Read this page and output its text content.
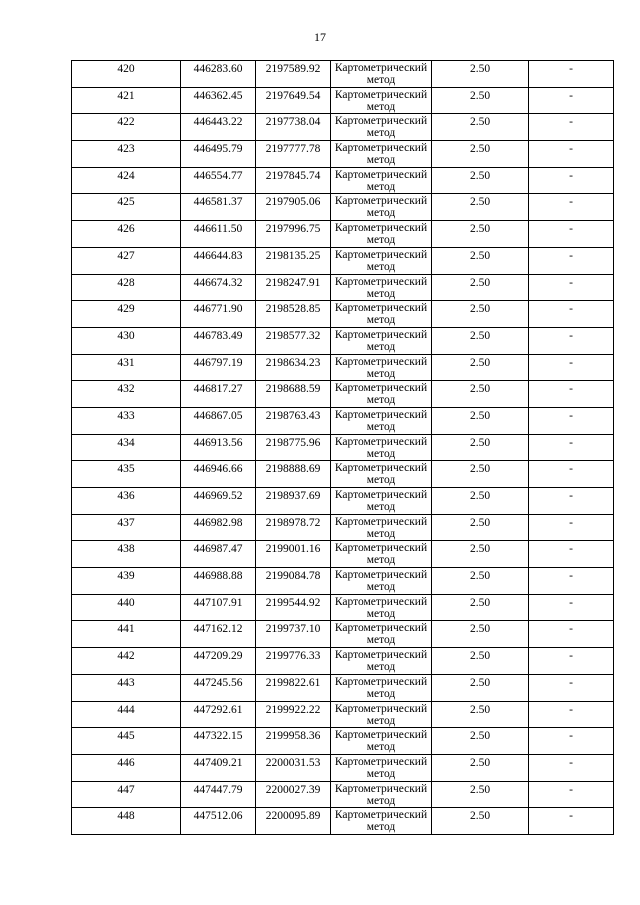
17
420	446283.60	2197589.92	Картометрический метод	2.50	-
421	446362.45	2197649.54	Картометрический метод	2.50	-
422	446443.22	2197738.04	Картометрический метод	2.50	-
423	446495.79	2197777.78	Картометрический метод	2.50	-
424	446554.77	2197845.74	Картометрический метод	2.50	-
425	446581.37	2197905.06	Картометрический метод	2.50	-
426	446611.50	2197996.75	Картометрический метод	2.50	-
427	446644.83	2198135.25	Картометрический метод	2.50	-
428	446674.32	2198247.91	Картометрический метод	2.50	-
429	446771.90	2198528.85	Картометрический метод	2.50	-
430	446783.49	2198577.32	Картометрический метод	2.50	-
431	446797.19	2198634.23	Картометрический метод	2.50	-
432	446817.27	2198688.59	Картометрический метод	2.50	-
433	446867.05	2198763.43	Картометрический метод	2.50	-
434	446913.56	2198775.96	Картометрический метод	2.50	-
435	446946.66	2198888.69	Картометрический метод	2.50	-
436	446969.52	2198937.69	Картометрический метод	2.50	-
437	446982.98	2198978.72	Картометрический метод	2.50	-
438	446987.47	2199001.16	Картометрический метод	2.50	-
439	446988.88	2199084.78	Картометрический метод	2.50	-
440	447107.91	2199544.92	Картометрический метод	2.50	-
441	447162.12	2199737.10	Картометрический метод	2.50	-
442	447209.29	2199776.33	Картометрический метод	2.50	-
443	447245.56	2199822.61	Картометрический метод	2.50	-
444	447292.61	2199922.22	Картометрический метод	2.50	-
445	447322.15	2199958.36	Картометрический метод	2.50	-
446	447409.21	2200031.53	Картометрический метод	2.50	-
447	447447.79	2200027.39	Картометрический метод	2.50	-
448	447512.06	2200095.89	Картометрический метод	2.50	-
